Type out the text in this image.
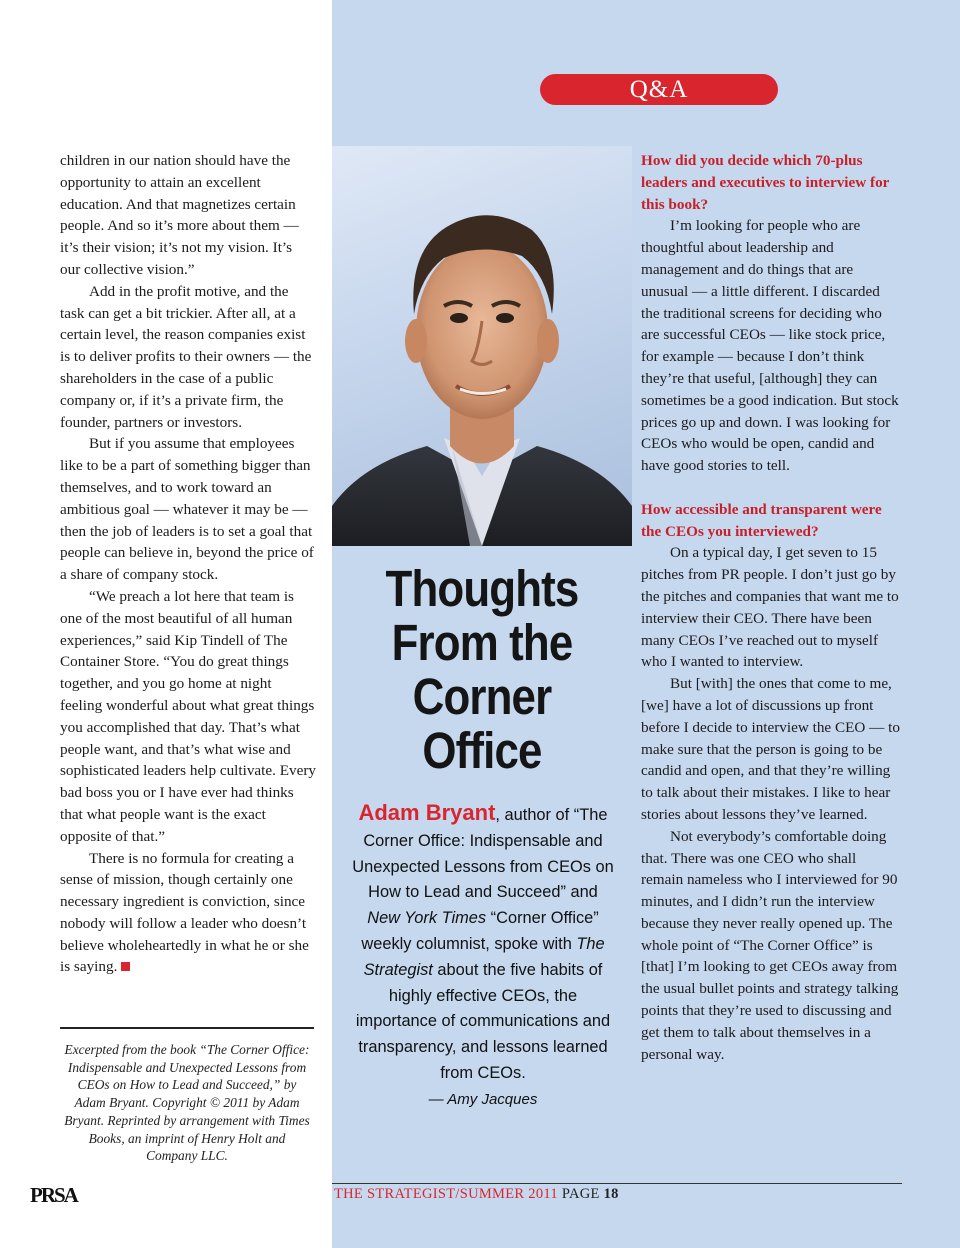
Q&A

children in our nation should have the opportunity to attain an excellent education. And that magnetizes certain people. And so it’s more about them — it’s their vision; it’s not my vision. It’s our collective vision.”

Add in the profit motive, and the task can get a bit trickier. After all, at a certain level, the reason companies exist is to deliver profits to their owners — the shareholders in the case of a public company or, if it’s a private firm, the founder, partners or investors.

But if you assume that employees like to be a part of something bigger than themselves, and to work toward an ambitious goal — whatever it may be — then the job of leaders is to set a goal that people can believe in, beyond the price of a share of company stock.

“We preach a lot here that team is one of the most beautiful of all human experiences,” said Kip Tindell of The Container Store. “You do great things together, and you go home at night feeling wonderful about what great things you accomplished that day. That’s what people want, and that’s what wise and sophisticated leaders help cultivate. Every bad boss you or I have ever had thinks that what people want is the exact opposite of that.”

There is no formula for creating a sense of mission, though certainly one necessary ingredient is conviction, since nobody will follow a leader who doesn’t believe wholeheartedly in what he or she is saying.

Excerpted from the book “The Corner Office: Indispensable and Unexpected Lessons from CEOs on How to Lead and Succeed,” by Adam Bryant. Copyright © 2011 by Adam Bryant. Reprinted by arrangement with Times Books, an imprint of Henry Holt and Company LLC.
Thoughts
From the
Corner
Office
Adam Bryant, author of “The Corner Office: Indispensable and Unexpected Lessons from CEOs on How to Lead and Succeed” and New York Times “Corner Office” weekly columnist, spoke with The Strategist about the five habits of highly effective CEOs, the importance of communications and transparency, and lessons learned from CEOs.
— Amy Jacques

How did you decide which 70-plus leaders and executives to interview for this book?

I’m looking for people who are thoughtful about leadership and management and do things that are unusual — a little different. I discarded the traditional screens for deciding who are successful CEOs — like stock price, for example — because I don’t think they’re that useful, [although] they can sometimes be a good indication. But stock prices go up and down. I was looking for CEOs who would be open, candid and have good stories to tell.

How accessible and transparent were the CEOs you interviewed?

On a typical day, I get seven to 15 pitches from PR people. I don’t just go by the pitches and companies that want me to interview their CEO. There have been many CEOs I’ve reached out to myself who I wanted to interview.

But [with] the ones that come to me, [we] have a lot of discussions up front before I decide to interview the CEO — to make sure that the person is going to be candid and open, and that they’re willing to talk about their mistakes. I like to hear stories about lessons they’ve learned.

Not everybody’s comfortable doing that. There was one CEO who shall remain nameless who I interviewed for 90 minutes, and I didn’t run the interview because they never really opened up. The whole point of “The Corner Office” is [that] I’m looking to get CEOs away from the usual bullet points and strategy talking points that they’re used to discussing and get them to talk about themselves in a personal way.

PRSA	THE STRATEGIST/SUMMER 2011 PAGE 18
